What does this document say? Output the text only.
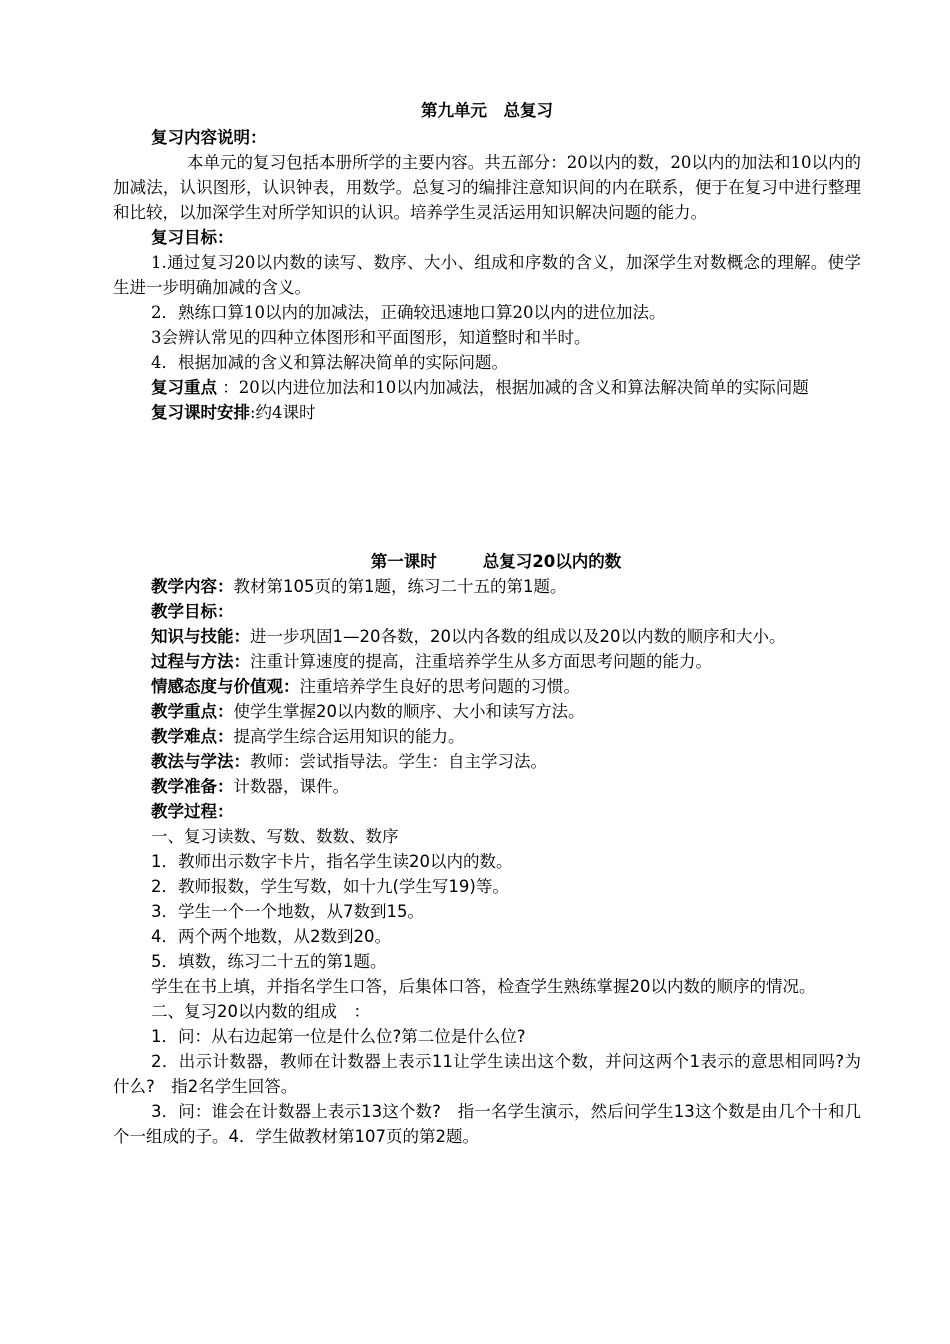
第九单元　总复习

复习内容说明：

本单元的复习包括本册所学的主要内容。共五部分：20以内的数，20以内的加法和10以内的加减法，认识图形，认识钟表，用数学。总复习的编排注意知识间的内在联系，便于在复习中进行整理和比较，以加深学生对所学知识的认识。培养学生灵活运用知识解决问题的能力。

复习目标：

1.通过复习20以内数的读写、数序、大小、组成和序数的含义，加深学生对数概念的理解。使学生进一步明确加减的含义。

2．熟练口算10以内的加减法，正确较迅速地口算20以内的进位加法。

3会辨认常见的四种立体图形和平面图形，知道整时和半时。

4．根据加减的含义和算法解决简单的实际问题。

复习重点 ：20以内进位加法和10以内加减法，根据加减的含义和算法解决简单的实际问题

复习课时安排:约4课时

第一课时	总复习20以内的数

教学内容：教材第105页的第1题，练习二十五的第1题。

教学目标：

知识与技能：进一步巩固1—20各数，20以内各数的组成以及20以内数的顺序和大小。

过程与方法：注重计算速度的提高，注重培养学生从多方面思考问题的能力。

情感态度与价值观：注重培养学生良好的思考问题的习惯。

教学重点：使学生掌握20以内数的顺序、大小和读写方法。

教学难点：提高学生综合运用知识的能力。

教法与学法：教师：尝试指导法。学生：自主学习法。

教学准备：计数器，课件。

教学过程：

一、复习读数、写数、数数、数序

1．教师出示数字卡片，指名学生读20以内的数。

2．教师报数，学生写数，如十九(学生写19)等。

3．学生一个一个地数，从7数到15。

4．两个两个地数，从2数到20。

5．填数，练习二十五的第1题。

学生在书上填，并指名学生口答，后集体口答，检查学生熟练掌握20以内数的顺序的情况。

二、复习20以内数的组成　：

1．问：从右边起第一位是什么位?第二位是什么位?

2．出示计数器，教师在计数器上表示11让学生读出这个数，并问这两个1表示的意思相同吗?为什么?　指2名学生回答。

3．问：谁会在计数器上表示13这个数?　指一名学生演示，然后问学生13这个数是由几个十和几个一组成的子。4．学生做教材第107页的第2题。
